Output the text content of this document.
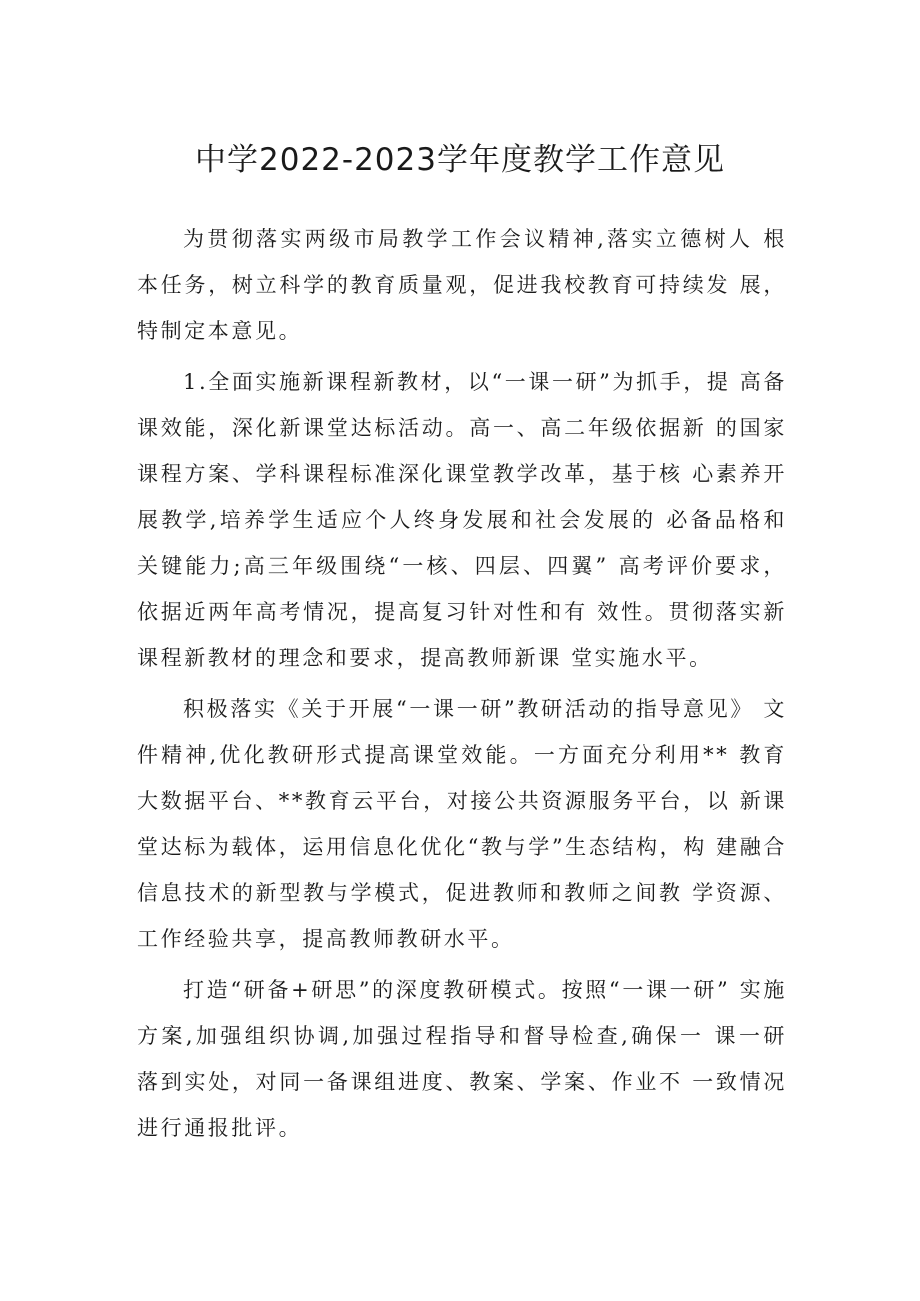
中学2022-2023学年度教学工作意见

为贯彻落实两级市局教学工作会议精神,落实立德树人 根本任务，树立科学的教育质量观，促进我校教育可持续发 展，特制定本意见。

1.全面实施新课程新教材，以“一课一研”为抓手，提 高备课效能，深化新课堂达标活动。高一、高二年级依据新 的国家课程方案、学科课程标准深化课堂教学改革，基于核 心素养开展教学,培养学生适应个人终身发展和社会发展的 必备品格和关键能力;高三年级围绕“一核、四层、四翼” 高考评价要求，依据近两年高考情况，提高复习针对性和有 效性。贯彻落实新课程新教材的理念和要求，提高教师新课 堂实施水平。

积极落实《关于开展“一课一研”教研活动的指导意见》 文件精神,优化教研形式提高课堂效能。一方面充分利用** 教育大数据平台、**教育云平台，对接公共资源服务平台，以 新课堂达标为载体，运用信息化优化“教与学”生态结构，构 建融合信息技术的新型教与学模式，促进教师和教师之间教 学资源、工作经验共享，提高教师教研水平。

打造“研备+研思”的深度教研模式。按照“一课一研” 实施方案,加强组织协调,加强过程指导和督导检查,确保一 课一研落到实处，对同一备课组进度、教案、学案、作业不 一致情况进行通报批评。
